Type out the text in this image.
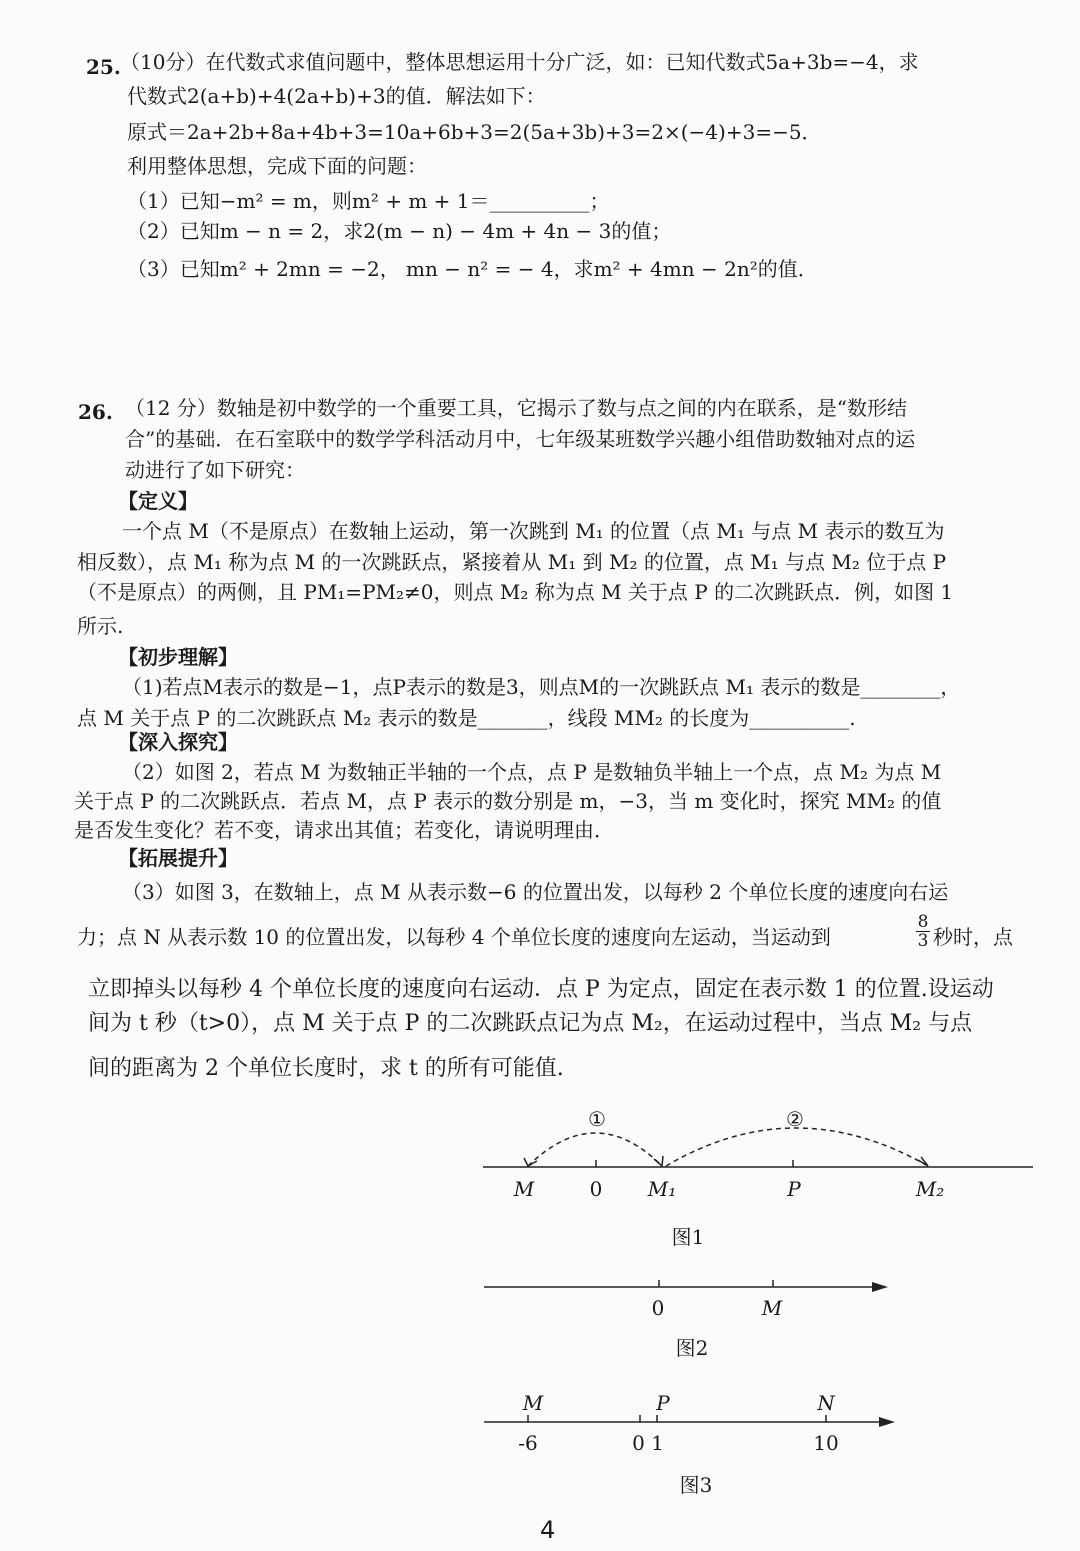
25. （10分）在代数式求值问题中，整体思想运用十分广泛，如：已知代数式5a+3b=−4，求
代数式2(a+b)+4(2a+b)+3的值．解法如下：
原式＝2a+2b+8a+4b+3=10a+6b+3=2(5a+3b)+3=2×(−4)+3=−5．
利用整体思想，完成下面的问题：
（1）已知−m² = m，则m² + m + 1＝__________；
（2）已知m − n = 2，求2(m − n) − 4m + 4n − 3的值；
（3）已知m² + 2mn = −2， mn − n² = − 4，求m² + 4mn − 2n²的值．
26. （12 分）数轴是初中数学的一个重要工具，它揭示了数与点之间的内在联系，是“数形结
合”的基础．在石室联中的数学学科活动月中，七年级某班数学兴趣小组借助数轴对点的运
动进行了如下研究：
【定义】
一个点 M（不是原点）在数轴上运动，第一次跳到 M₁ 的位置（点 M₁ 与点 M 表示的数互为
相反数），点 M₁ 称为点 M 的一次跳跃点，紧接着从 M₁ 到 M₂ 的位置，点 M₁ 与点 M₂ 位于点 P
（不是原点）的两侧，且 PM₁=PM₂≠0，则点 M₂ 称为点 M 关于点 P 的二次跳跃点．例，如图 1
所示.
【初步理解】
（1)若点M表示的数是−1，点P表示的数是3，则点M的一次跳跃点 M₁ 表示的数是________，
点 M 关于点 P 的二次跳跃点 M₂ 表示的数是_______，线段 MM₂ 的长度为__________.
【深入探究】
（2）如图 2，若点 M 为数轴正半轴的一个点，点 P 是数轴负半轴上一个点，点 M₂ 为点 M
关于点 P 的二次跳跃点．若点 M，点 P 表示的数分别是 m，−3，当 m 变化时，探究 MM₂ 的值
是否发生变化？若不变，请求出其值；若变化，请说明理由．
【拓展提升】
（3）如图 3，在数轴上，点 M 从表示数−6 的位置出发，以每秒 2 个单位长度的速度向右运
力；点 N 从表示数 10 的位置出发，以每秒 4 个单位长度的速度向左运动，当运动到	$\frac{8}{3}$ 秒时，点
立即掉头以每秒 4 个单位长度的速度向右运动．点 P 为定点，固定在表示数 1 的位置.设运动
间为 t 秒（t>0），点 M 关于点 P 的二次跳跃点记为点 M₂，在运动过程中，当点 M₂ 与点
间的距离为 2 个单位长度时，求 t 的所有可能值.
①	②
M	0 M₁	P	M₂
图1
0	M
图2
M	P	N
-6	0 1	10
图3
4
